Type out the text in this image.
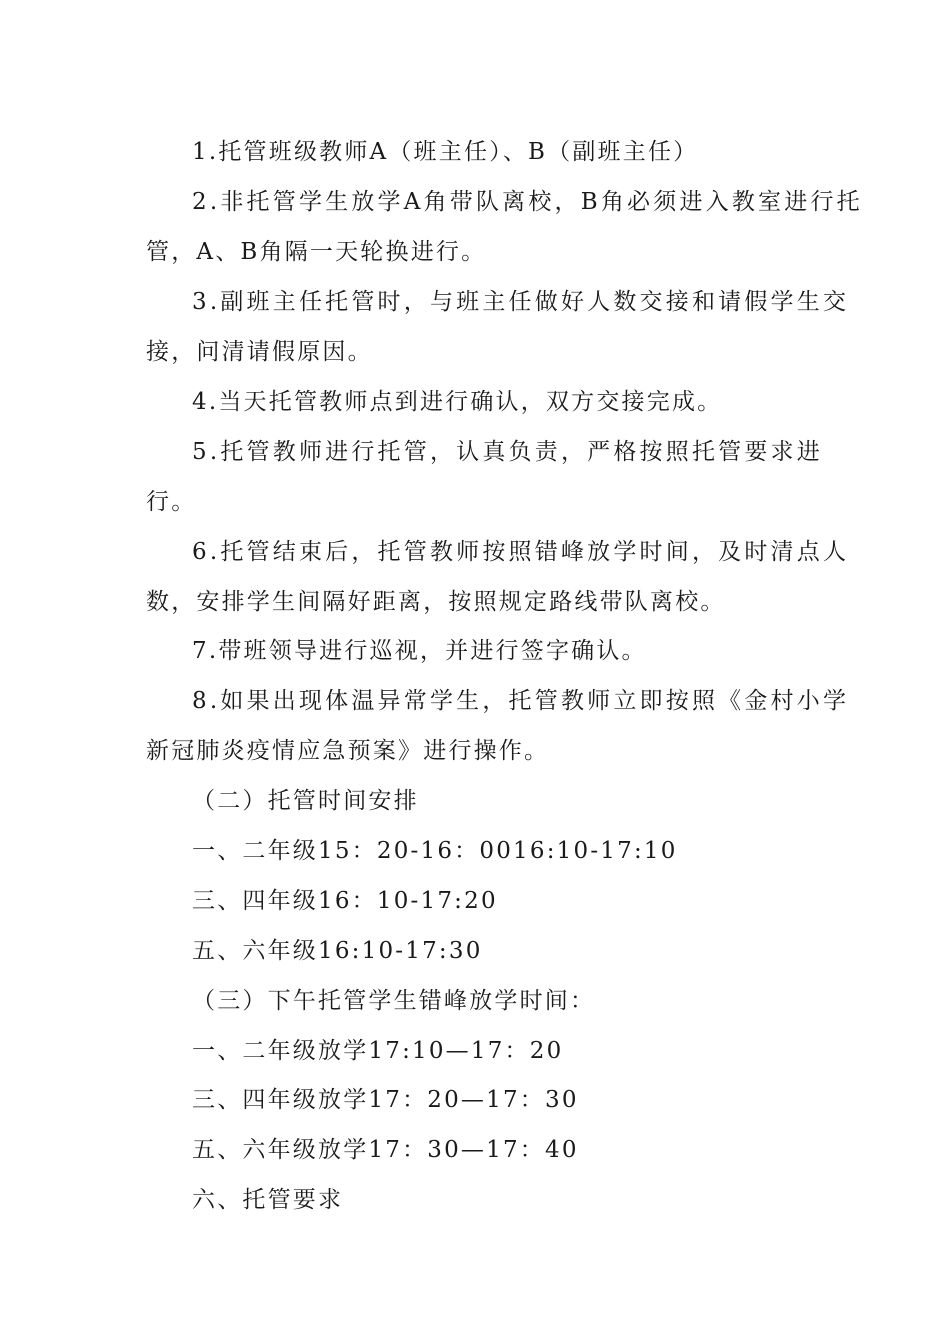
1.托管班级教师A（班主任）、B（副班主任）
2.非托管学生放学A角带队离校，B角必须进入教室进行托
管，A、B角隔一天轮换进行。
3.副班主任托管时，与班主任做好人数交接和请假学生交
接，问清请假原因。
4.当天托管教师点到进行确认，双方交接完成。
5.托管教师进行托管，认真负责，严格按照托管要求进
行。
6.托管结束后，托管教师按照错峰放学时间，及时清点人
数，安排学生间隔好距离，按照规定路线带队离校。
7.带班领导进行巡视，并进行签字确认。
8.如果出现体温异常学生，托管教师立即按照《金村小学
新冠肺炎疫情应急预案》进行操作。
（二）托管时间安排
一、二年级15：20-16：0016:10-17:10
三、四年级16：10-17:20
五、六年级16:10-17:30
（三）下午托管学生错峰放学时间：
一、二年级放学17:10—17：20
三、四年级放学17：20—17：30
五、六年级放学17：30—17：40
六、托管要求
